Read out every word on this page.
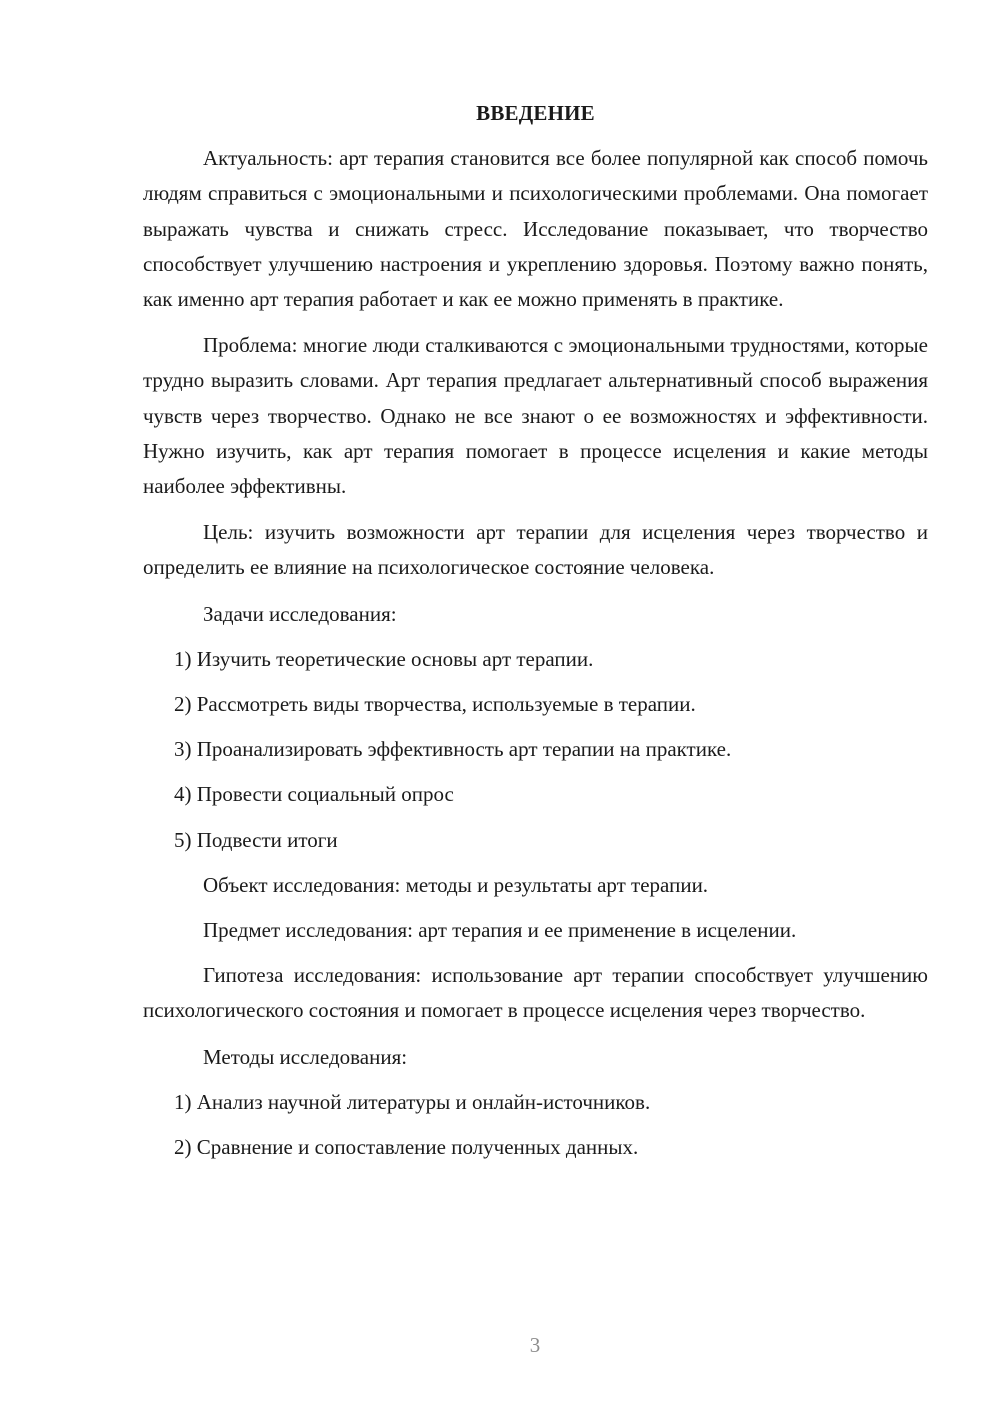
ВВЕДЕНИЕ

Актуальность: арт терапия становится все более популярной как способ помочь людям справиться с эмоциональными и психологическими проблемами. Она помогает выражать чувства и снижать стресс. Исследование показывает, что творчество способствует улучшению настроения и укреплению здоровья. Поэтому важно понять, как именно арт терапия работает и как ее можно применять в практике.

Проблема: многие люди сталкиваются с эмоциональными трудностями, которые трудно выразить словами. Арт терапия предлагает альтернативный способ выражения чувств через творчество. Однако не все знают о ее возможностях и эффективности. Нужно изучить, как арт терапия помогает в процессе исцеления и какие методы наиболее эффективны.

Цель: изучить возможности арт терапии для исцеления через творчество и определить ее влияние на психологическое состояние человека.

Задачи исследования:

1) Изучить теоретические основы арт терапии.
2) Рассмотреть виды творчества, используемые в терапии.
3) Проанализировать эффективность арт терапии на практике.
4) Провести социальный опрос
5) Подвести итоги

Объект исследования: методы и результаты арт терапии.

Предмет исследования: арт терапия и ее применение в исцелении.

Гипотеза исследования: использование арт терапии способствует улучшению психологического состояния и помогает в процессе исцеления через творчество.

Методы исследования:

1) Анализ научной литературы и онлайн-источников.
2) Сравнение и сопоставление полученных данных.
3
